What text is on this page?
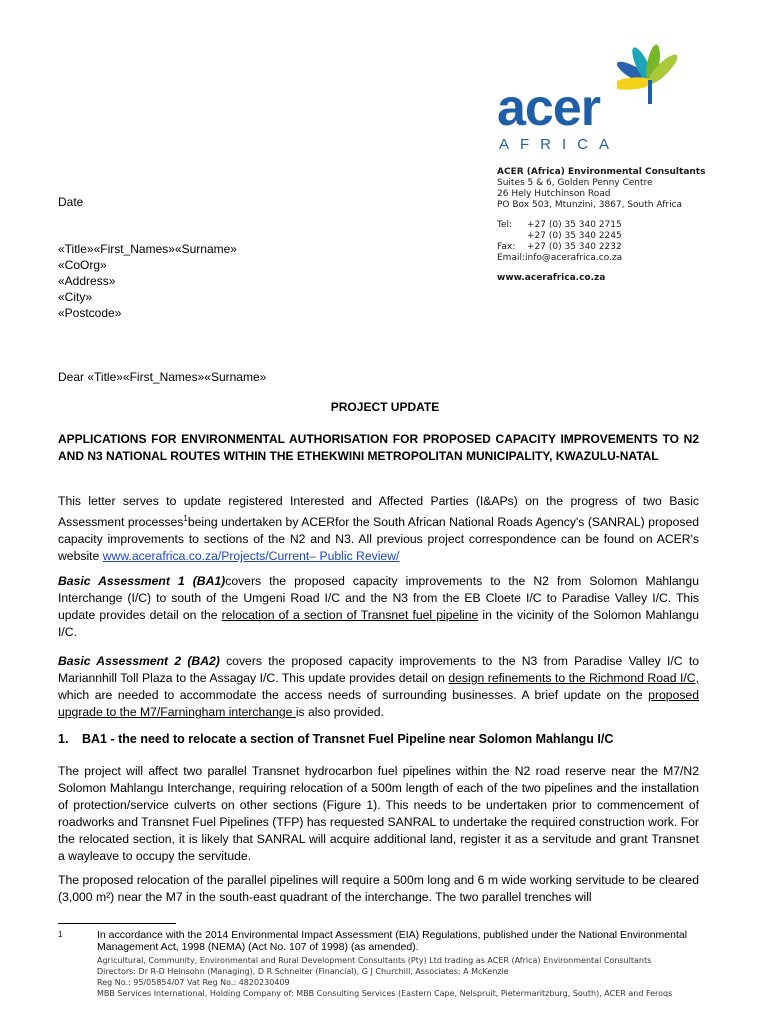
acer
AFRICA
ACER (Africa) Environmental Consultants
Suites 5 & 6, Golden Penny Centre
26 Hely Hutchinson Road
PO Box 503, Mtunzini, 3867, South Africa
Tel:	+27 (0) 35 340 2715
+27 (0) 35 340 2245
Fax:	+27 (0) 35 340 2232
Email:info@acerafrica.co.za
www.acerafrica.co.za
Date
«Title»«First_Names»«Surname»
«CoOrg»
«Address»
«City»
«Postcode»
Dear «Title»«First_Names»«Surname»
PROJECT UPDATE
APPLICATIONS FOR ENVIRONMENTAL AUTHORISATION FOR PROPOSED CAPACITY IMPROVEMENTS TO N2 AND N3 NATIONAL ROUTES WITHIN THE ETHEKWINI METROPOLITAN MUNICIPALITY, KWAZULU-NATAL
This letter serves to update registered Interested and Affected Parties (I&APs) on the progress of two Basic Assessment processes$^1$being undertaken by ACERfor the South African National Roads Agency's (SANRAL) proposed capacity improvements to sections of the N2 and N3. All previous project correspondence can be found on ACER's website www.acerafrica.co.za/Projects/Current– Public Review/
Basic Assessment 1 (BA1)covers the proposed capacity improvements to the N2 from Solomon Mahlangu Interchange (I/C) to south of the Umgeni Road I/C and the N3 from the EB Cloete I/C to Paradise Valley I/C. This update provides detail on the relocation of a section of Transnet fuel pipeline in the vicinity of the Solomon Mahlangu I/C.
Basic Assessment 2 (BA2) covers the proposed capacity improvements to the N3 from Paradise Valley I/C to Mariannhill Toll Plaza to the Assagay I/C. This update provides detail on design refinements to the Richmond Road I/C, which are needed to accommodate the access needs of surrounding businesses. A brief update on the proposed upgrade to the M7/Farningham interchange is also provided.
1.	BA1 - the need to relocate a section of Transnet Fuel Pipeline near Solomon Mahlangu I/C
The project will affect two parallel Transnet hydrocarbon fuel pipelines within the N2 road reserve near the M7/N2 Solomon Mahlangu Interchange, requiring relocation of a 500m length of each of the two pipelines and the installation of protection/service culverts on other sections (Figure 1). This needs to be undertaken prior to commencement of roadworks and Transnet Fuel Pipelines (TFP) has requested SANRAL to undertake the required construction work. For the relocated section, it is likely that SANRAL will acquire additional land, register it as a servitude and grant Transnet a wayleave to occupy the servitude.
The proposed relocation of the parallel pipelines will require a 500m long and 6 m wide working servitude to be cleared (3,000 m²) near the M7 in the south-east quadrant of the interchange. The two parallel trenches will
1	In accordance with the 2014 Environmental Impact Assessment (EIA) Regulations, published under the National Environmental Management Act, 1998 (NEMA) (Act No. 107 of 1998) (as amended).
Agricultural, Community, Environmental and Rural Development Consultants (Pty) Ltd trading as ACER (Africa) Environmental Consultants
Directors: Dr R-D Heinsohn (Managing), D R Schneiter (Financial), G J Churchill, Associates: A McKenzie
Reg No.: 95/05854/07 Vat Reg No.: 4820230409
MBB Services International, Holding Company of: MBB Consulting Services (Eastern Cape, Nelspruit, Pietermaritzburg, South), ACER and Feroqs
